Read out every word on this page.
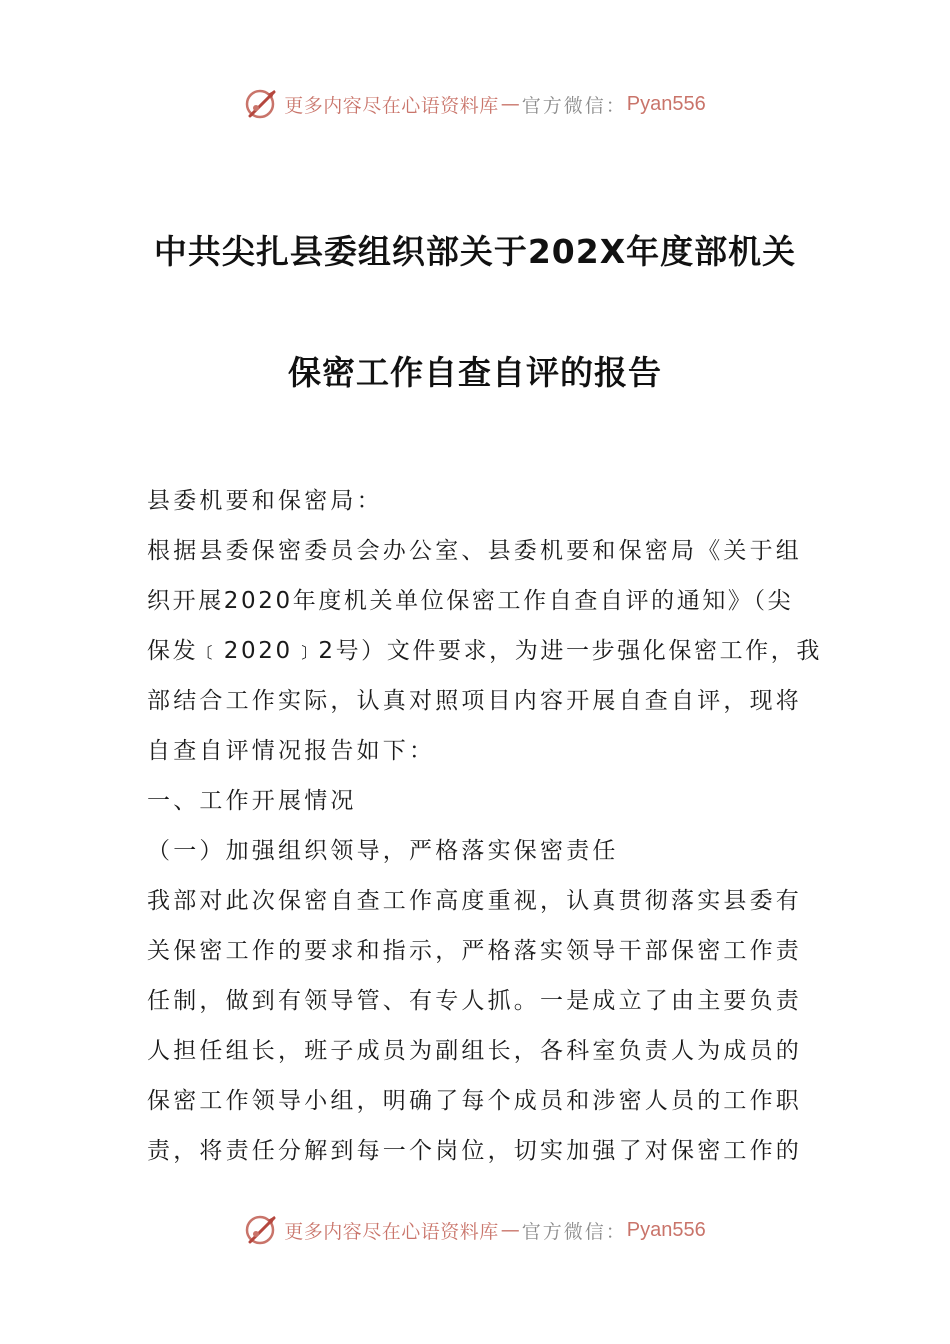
更多内容尽在心语资料库 — 官方微信： Pyan556
中共尖扎县委组织部关于202X年度部机关
保密工作自查自评的报告
县委机要和保密局：
根据县委保密委员会办公室、县委机要和保密局《关于组
织开展2020年度机关单位保密工作自查自评的通知》（尖
保发﹝2020﹞2号）文件要求，为进一步强化保密工作，我
部结合工作实际，认真对照项目内容开展自查自评，现将
自查自评情况报告如下：
一、工作开展情况
（一）加强组织领导，严格落实保密责任
我部对此次保密自查工作高度重视，认真贯彻落实县委有
关保密工作的要求和指示，严格落实领导干部保密工作责
任制，做到有领导管、有专人抓。一是成立了由主要负责
人担任组长，班子成员为副组长，各科室负责人为成员的
保密工作领导小组，明确了每个成员和涉密人员的工作职
责，将责任分解到每一个岗位，切实加强了对保密工作的
更多内容尽在心语资料库 — 官方微信： Pyan556
